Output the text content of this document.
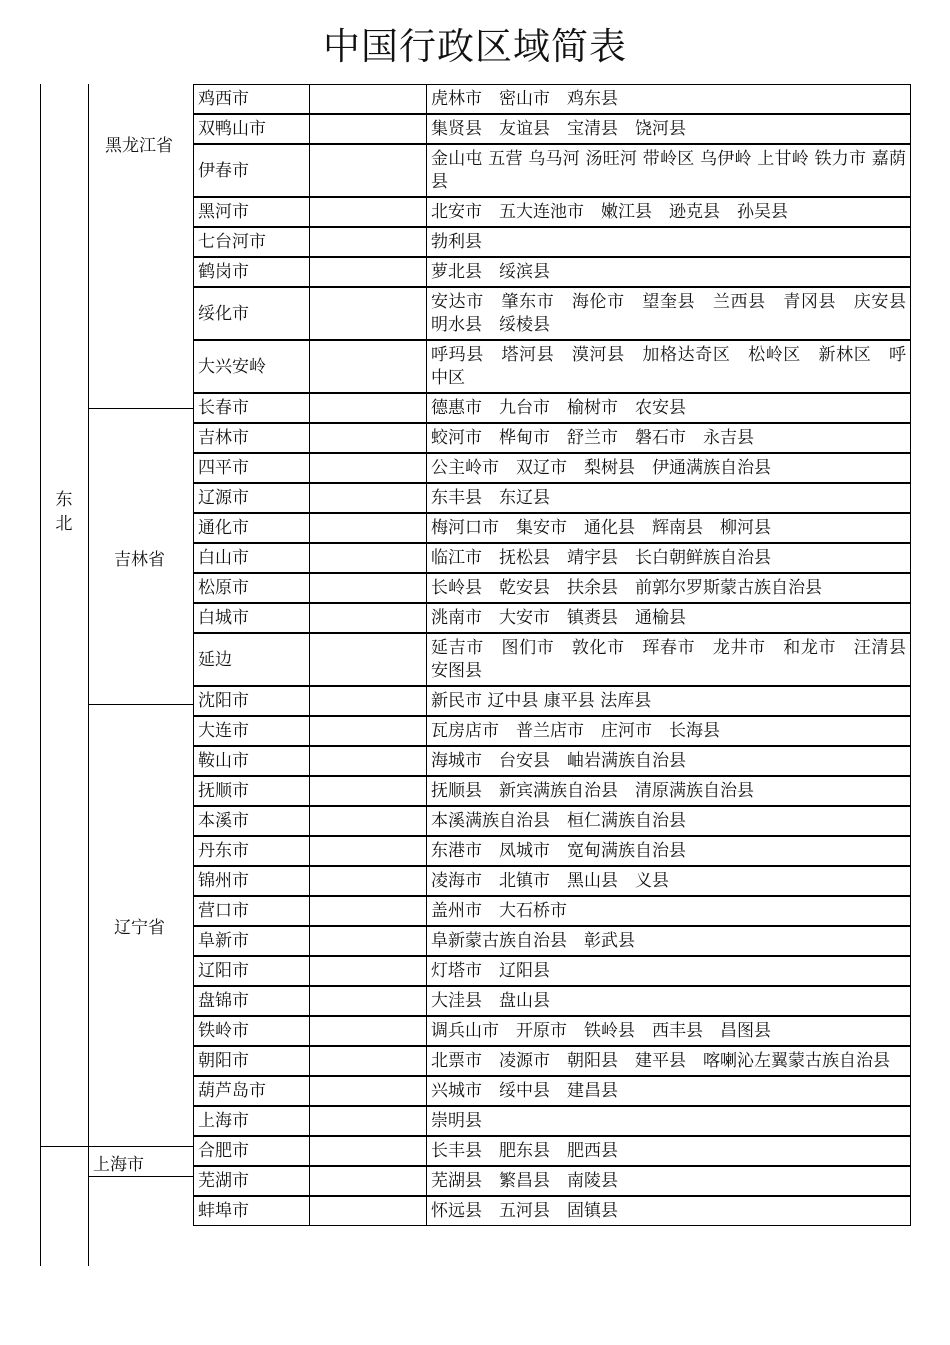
中国行政区域简表
东北
黑龙江省
吉林省
辽宁省
上海市
鸡西市		虎林市　密山市　鸡东县
双鸭山市		集贤县　友谊县　宝清县　饶河县
伊春市		金山屯 五营 乌马河 汤旺河 带岭区 乌伊岭 上甘岭 铁力市 嘉荫县
黑河市		北安市　五大连池市　嫩江县　逊克县　孙吴县
七台河市		勃利县
鹤岗市		萝北县　绥滨县
绥化市		安达市　肇东市　海伦市　望奎县　兰西县　青冈县　庆安县　明水县　绥棱县
大兴安岭		呼玛县　塔河县　漠河县　加格达奇区　松岭区　新林区　呼中区
长春市		德惠市　九台市　榆树市　农安县
吉林市		蛟河市　桦甸市　舒兰市　磐石市　永吉县
四平市		公主岭市　双辽市　梨树县　伊通满族自治县
辽源市		东丰县　东辽县
通化市		梅河口市　集安市　通化县　辉南县　柳河县
白山市		临江市　抚松县　靖宇县　长白朝鲜族自治县
松原市		长岭县　乾安县　扶余县　前郭尔罗斯蒙古族自治县
白城市		洮南市　大安市　镇赉县　通榆县
延边		延吉市　图们市　敦化市　珲春市　龙井市　和龙市　汪清县　安图县
沈阳市		新民市 辽中县 康平县 法库县
大连市		瓦房店市　普兰店市　庄河市　长海县
鞍山市		海城市　台安县　岫岩满族自治县
抚顺市		抚顺县　新宾满族自治县　清原满族自治县
本溪市		本溪满族自治县　桓仁满族自治县
丹东市		东港市　凤城市　宽甸满族自治县
锦州市		凌海市　北镇市　黑山县　义县
营口市		盖州市　大石桥市
阜新市		阜新蒙古族自治县　彰武县
辽阳市		灯塔市　辽阳县
盘锦市		大洼县　盘山县
铁岭市		调兵山市　开原市　铁岭县　西丰县　昌图县
朝阳市		北票市　凌源市　朝阳县　建平县　喀喇沁左翼蒙古族自治县
葫芦岛市		兴城市　绥中县　建昌县
上海市		崇明县
合肥市		长丰县　肥东县　肥西县
芜湖市		芜湖县　繁昌县　南陵县
蚌埠市		怀远县　五河县　固镇县
